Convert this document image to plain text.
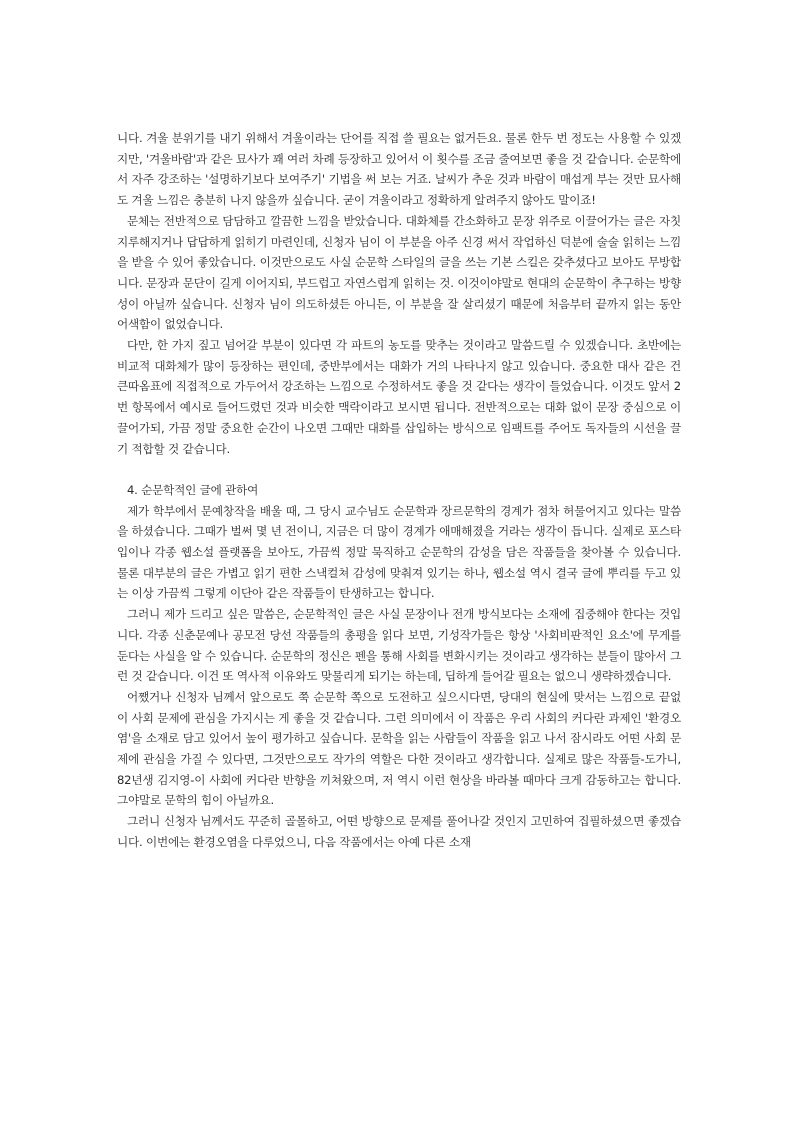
니다. 겨울 분위기를 내기 위해서 겨울이라는 단어를 직접 쓸 필요는 없거든요. 물론 한두 번 정도는 사용할 수 있겠지만, '겨울바람'과 같은 묘사가 꽤 여러 차례 등장하고 있어서 이 횟수를 조금 줄여보면 좋을 것 같습니다. 순문학에서 자주 강조하는 '설명하기보다 보여주기' 기법을 써 보는 거죠. 날씨가 추운 것과 바람이 매섭게 부는 것만 묘사해도 겨울 느낌은 충분히 나지 않을까 싶습니다. 굳이 겨울이라고 정확하게 알려주지 않아도 말이죠!

문체는 전반적으로 담담하고 깔끔한 느낌을 받았습니다. 대화체를 간소화하고 문장 위주로 이끌어가는 글은 자칫 지루해지거나 답답하게 읽히기 마련인데, 신청자 님이 이 부분을 아주 신경 써서 작업하신 덕분에 술술 읽히는 느낌을 받을 수 있어 좋았습니다. 이것만으로도 사실 순문학 스타일의 글을 쓰는 기본 스킬은 갖추셨다고 보아도 무방합니다. 문장과 문단이 길게 이어지되, 부드럽고 자연스럽게 읽히는 것. 이것이야말로 현대의 순문학이 추구하는 방향성이 아닐까 싶습니다. 신청자 님이 의도하셨든 아니든, 이 부분을 잘 살리셨기 때문에 처음부터 끝까지 읽는 동안 어색함이 없었습니다.

다만, 한 가지 짚고 넘어갈 부분이 있다면 각 파트의 농도를 맞추는 것이라고 말씀드릴 수 있겠습니다. 초반에는 비교적 대화체가 많이 등장하는 편인데, 중반부에서는 대화가 거의 나타나지 않고 있습니다. 중요한 대사 같은 건 큰따옴표에 직접적으로 가두어서 강조하는 느낌으로 수정하셔도 좋을 것 같다는 생각이 들었습니다. 이것도 앞서 2번 항목에서 예시로 들어드렸던 것과 비슷한 맥락이라고 보시면 됩니다. 전반적으로는 대화 없이 문장 중심으로 이끌어가되, 가끔 정말 중요한 순간이 나오면 그때만 대화를 삽입하는 방식으로 임팩트를 주어도 독자들의 시선을 끌기 적합할 것 같습니다.

4. 순문학적인 글에 관하여

제가 학부에서 문예창작을 배울 때, 그 당시 교수님도 순문학과 장르문학의 경계가 점차 허물어지고 있다는 말씀을 하셨습니다. 그때가 벌써 몇 년 전이니, 지금은 더 많이 경계가 애매해졌을 거라는 생각이 듭니다. 실제로 포스타입이나 각종 웹소설 플랫폼을 보아도, 가끔씩 정말 묵직하고 순문학의 감성을 담은 작품들을 찾아볼 수 있습니다. 물론 대부분의 글은 가볍고 읽기 편한 스낵컬쳐 감성에 맞춰져 있기는 하나, 웹소설 역시 결국 글에 뿌리를 두고 있는 이상 가끔씩 그렇게 이단아 같은 작품들이 탄생하고는 합니다.

그러니 제가 드리고 싶은 말씀은, 순문학적인 글은 사실 문장이나 전개 방식보다는 소재에 집중해야 한다는 것입니다. 각종 신춘문예나 공모전 당선 작품들의 총평을 읽다 보면, 기성작가들은 항상 '사회비판적인 요소'에 무게를 둔다는 사실을 알 수 있습니다. 순문학의 정신은 펜을 통해 사회를 변화시키는 것이라고 생각하는 분들이 많아서 그런 것 같습니다. 이건 또 역사적 이유와도 맞물리게 되기는 하는데, 딥하게 들어갈 필요는 없으니 생략하겠습니다.

어쨌거나 신청자 님께서 앞으로도 쭉 순문학 쪽으로 도전하고 싶으시다면, 당대의 현실에 맞서는 느낌으로 끝없이 사회 문제에 관심을 가지시는 게 좋을 것 같습니다. 그런 의미에서 이 작품은 우리 사회의 커다란 과제인 '환경오염'을 소재로 담고 있어서 높이 평가하고 싶습니다. 문학을 읽는 사람들이 작품을 읽고 나서 잠시라도 어떤 사회 문제에 관심을 가질 수 있다면, 그것만으로도 작가의 역할은 다한 것이라고 생각합니다. 실제로 많은 작품들-도가니, 82년생 김지영-이 사회에 커다란 반향을 끼쳐왔으며, 저 역시 이런 현상을 바라볼 때마다 크게 감동하고는 합니다. 그야말로 문학의 힘이 아닐까요.

그러니 신청자 님께서도 꾸준히 골몰하고, 어떤 방향으로 문제를 풀어나갈 것인지 고민하여 집필하셨으면 좋겠습니다. 이번에는 환경오염을 다루었으니, 다음 작품에서는 아예 다른 소재
